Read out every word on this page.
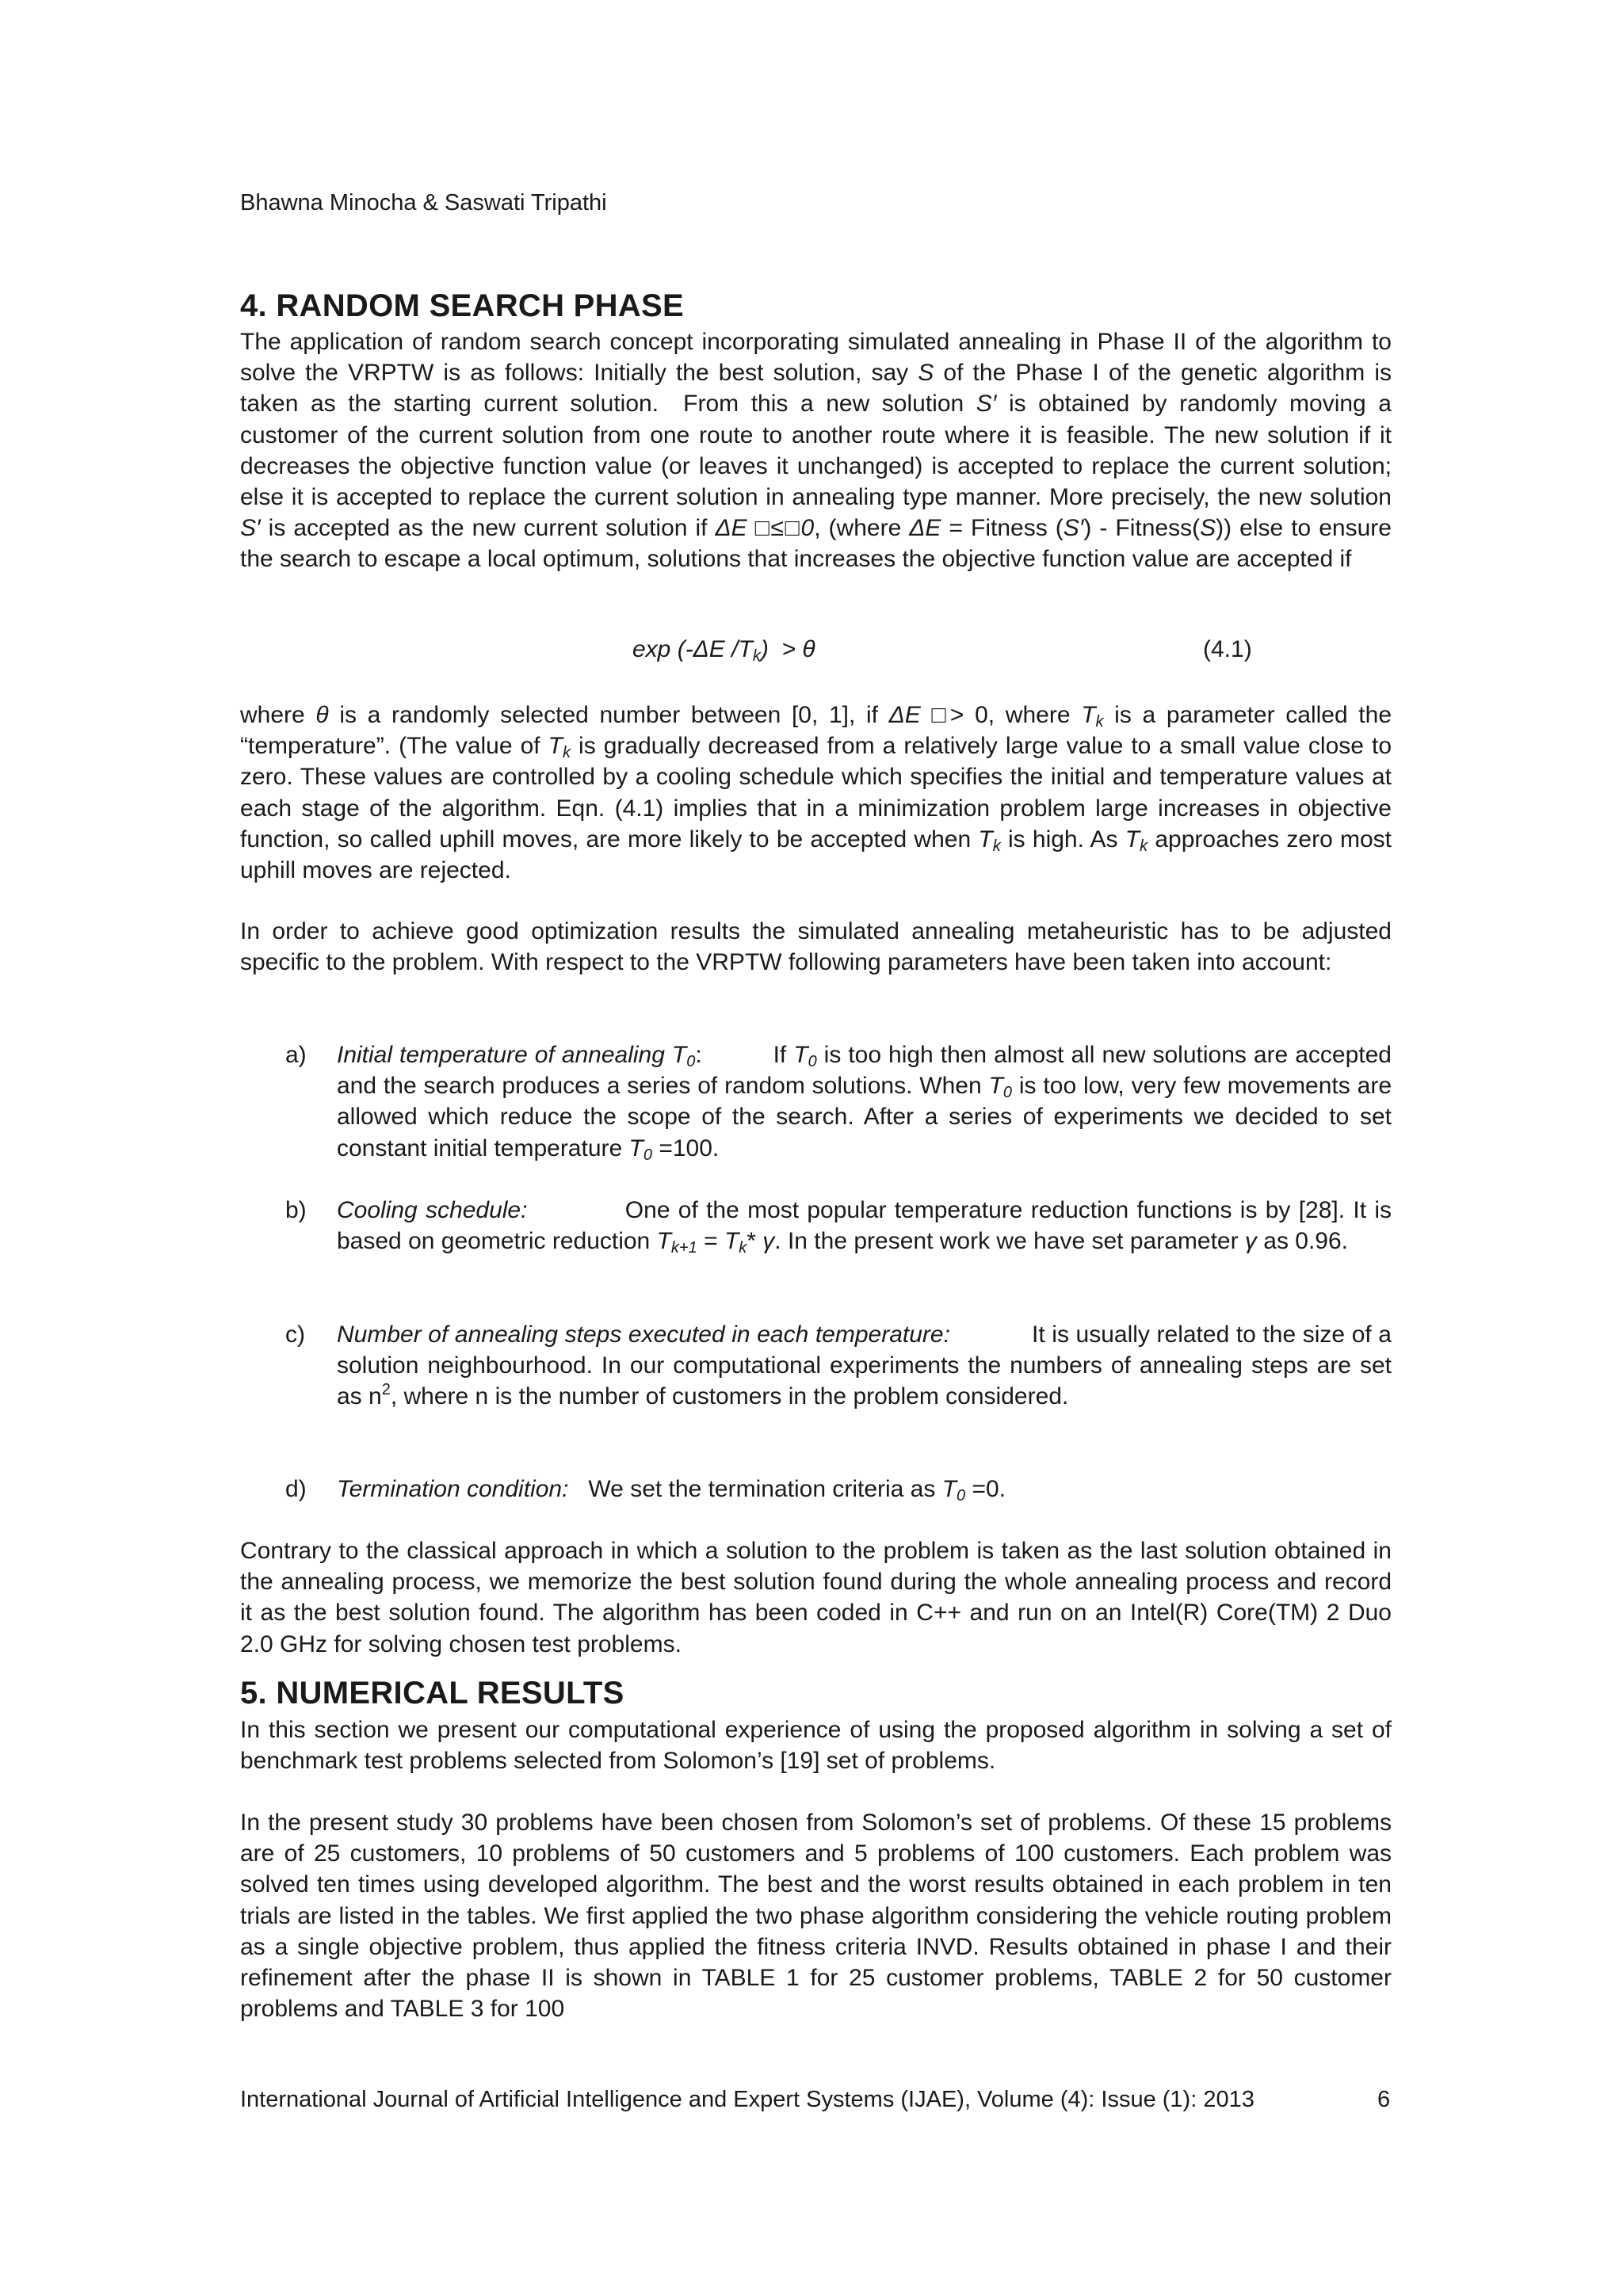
Bhawna Minocha & Saswati Tripathi
4. RANDOM SEARCH PHASE
The application of random search concept incorporating simulated annealing in Phase II of the algorithm to solve the VRPTW is as follows: Initially the best solution, say S of the Phase I of the genetic algorithm is taken as the starting current solution.  From this a new solution S′ is obtained by randomly moving a customer of the current solution from one route to another route where it is feasible. The new solution if it decreases the objective function value (or leaves it unchanged) is accepted to replace the current solution; else it is accepted to replace the current solution in annealing type manner. More precisely, the new solution S′ is accepted as the new current solution if ΔE □≤□0, (where ΔE = Fitness (S′) - Fitness(S)) else to ensure the search to escape a local optimum, solutions that increases the objective function value are accepted if
exp (-ΔE $/T_k) > \theta$	(4.1)
where θ is a randomly selected number between [0, 1], if ΔE □> 0, where $T_k$ is a parameter called the “temperature”. (The value of $T_k$ is gradually decreased from a relatively large value to a small value close to zero. These values are controlled by a cooling schedule which specifies the initial and temperature values at each stage of the algorithm. Eqn. (4.1) implies that in a minimization problem large increases in objective function, so called uphill moves, are more likely to be accepted when $T_k$ is high. As $T_k$ approaches zero most uphill moves are rejected.
In order to achieve good optimization results the simulated annealing metaheuristic has to be adjusted specific to the problem. With respect to the VRPTW following parameters have been taken into account:
a) Initial temperature of annealing $T_0$:          If $T_0$ is too high then almost all new solutions are accepted and the search produces a series of random solutions. When $T_0$ is too low, very few movements are allowed which reduce the scope of the search. After a series of experiments we decided to set constant initial temperature $T_0 =100$.
b) Cooling schedule:            One of the most popular temperature reduction functions is by [28]. It is based on geometric reduction $T_{k+1} = T_k*$ γ. In the present work we have set parameter γ as 0.96.
c) Number of annealing steps executed in each temperature:            It is usually related to the size of a solution neighbourhood. In our computational experiments the numbers of annealing steps are set as $n^2$, where n is the number of customers in the problem considered.
d) Termination condition:   We set the termination criteria as $T_0 =0$.
Contrary to the classical approach in which a solution to the problem is taken as the last solution obtained in the annealing process, we memorize the best solution found during the whole annealing process and record it as the best solution found. The algorithm has been coded in C++ and run on an Intel(R) Core(TM) 2 Duo 2.0 GHz for solving chosen test problems.
5. NUMERICAL RESULTS
In this section we present our computational experience of using the proposed algorithm in solving a set of benchmark test problems selected from Solomon’s [19] set of problems.
In the present study 30 problems have been chosen from Solomon’s set of problems. Of these 15 problems are of 25 customers, 10 problems of 50 customers and 5 problems of 100 customers. Each problem was solved ten times using developed algorithm. The best and the worst results obtained in each problem in ten trials are listed in the tables. We first applied the two phase algorithm considering the vehicle routing problem as a single objective problem, thus applied the fitness criteria INVD. Results obtained in phase I and their refinement after the phase II is shown in TABLE 1 for 25 customer problems, TABLE 2 for 50 customer problems and TABLE 3 for 100
International Journal of Artificial Intelligence and Expert Systems (IJAE), Volume (4): Issue (1): 2013	6
